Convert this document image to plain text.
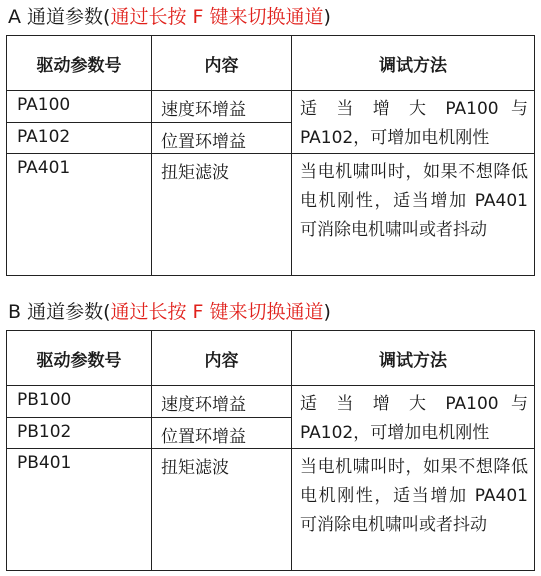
A 通道参数(通过长按 F 键来切换通道)
驱动参数号	内容	调试方法
PA100	速度环增益	适 当 增 大 PA100 与 PA102，可增加电机刚性
PA102	位置环增益	
PA401	扭矩滤波	当电机啸叫时，如果不想降低电机刚性，适当增加 PA401 可消除电机啸叫或者抖动
B 通道参数(通过长按 F 键来切换通道)
驱动参数号	内容	调试方法
PB100	速度环增益	适 当 增 大 PA100 与 PA102，可增加电机刚性
PB102	位置环增益	
PB401	扭矩滤波	当电机啸叫时，如果不想降低电机刚性，适当增加 PA401 可消除电机啸叫或者抖动
